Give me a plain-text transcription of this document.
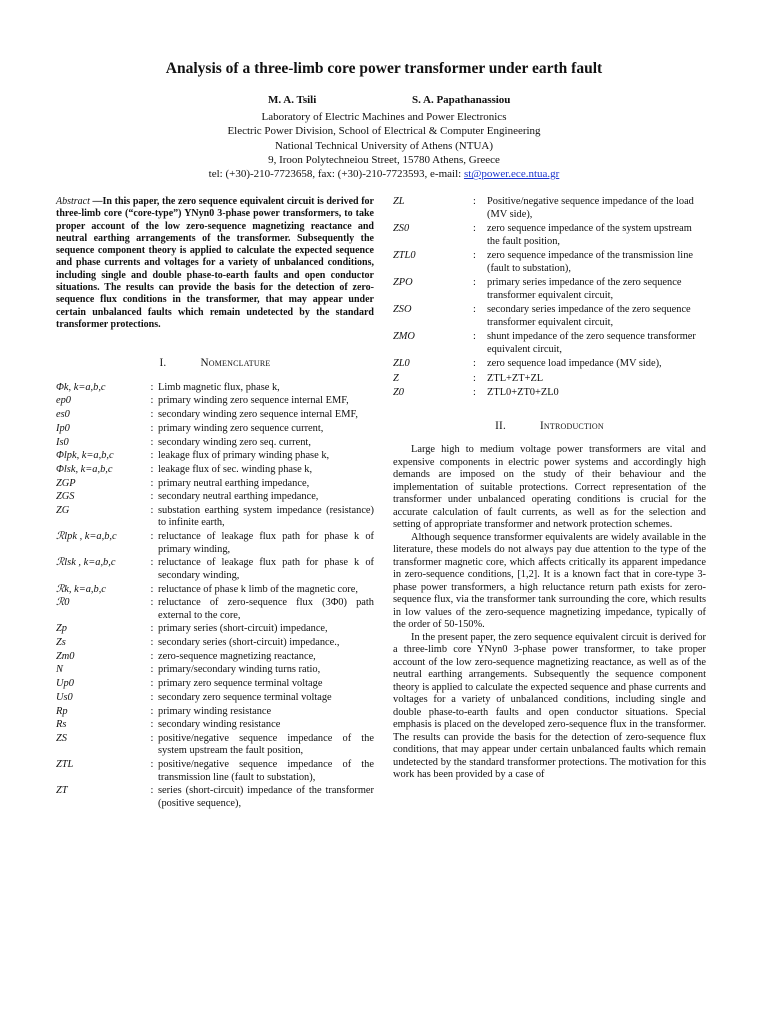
Analysis of a three-limb core power transformer under earth fault
M. A. Tsili	S. A. Papathanassiou
Laboratory of Electric Machines and Power Electronics
Electric Power Division, School of Electrical & Computer Engineering
National Technical University of Athens (NTUA)
9, Iroon Polytechneiou Street, 15780 Athens, Greece
tel: (+30)-210-7723658, fax: (+30)-210-7723593, e-mail: st@power.ece.ntua.gr
Abstract —In this paper, the zero sequence equivalent circuit is derived for three-limb core (“core-type”) YNyn0 3-phase power transformers, to take proper account of the low zero-sequence magnetizing reactance and neutral earthing arrangements of the transformer. Subsequently the sequence component theory is applied to calculate the expected sequence and phase currents and voltages for a variety of unbalanced conditions, including single and double phase-to-earth faults and open conductor situations. The results can provide the basis for the detection of zero-sequence flux conditions in the transformer, that may appear under certain unbalanced faults which remain undetected by the standard transformer protections.
I.	Nomenclature
Φk, k=a,b,c	: Limb magnetic flux, phase k,
ep0	: primary winding zero sequence internal EMF,
es0	: secondary winding zero sequence internal EMF,
Ip0	: primary winding zero sequence current,
Is0	: secondary winding zero seq. current,
Φlpk, k=a,b,c	: leakage flux of primary winding phase k,
Φlsk, k=a,b,c	: leakage flux of sec. winding phase k,
ZGP	: primary neutral earthing impedance,
ZGS	: secondary neutral earthing impedance,
ZG	: substation earthing system impedance (resistance) to infinite earth,
ℛlpk , k=a,b,c	: reluctance of leakage flux path for phase k of primary winding,
ℛlsk , k=a,b,c	: reluctance of leakage flux path for phase k of secondary winding,
ℛk, k=a,b,c	: reluctance of phase k limb of the magnetic core,
ℛ0	: reluctance of zero-sequence flux (3Φ0) path external to the core,
Zp	: primary series (short-circuit) impedance,
Zs	: secondary series (short-circuit) impedance.,
Zm0	: zero-sequence magnetizing reactance,
N	: primary/secondary winding turns ratio,
Up0	: primary zero sequence terminal voltage
Us0	: secondary zero sequence terminal voltage
Rp	: primary winding resistance
Rs	: secondary winding resistance
ZS	: positive/negative sequence impedance of the system upstream the fault position,
ZTL	: positive/negative sequence impedance of the transmission line (fault to substation),
ZT	: series (short-circuit) impedance of the transformer (positive sequence),
ZL	:	Positive/negative sequence impedance of the load (MV side),
ZS0	:	zero sequence impedance of the system upstream the fault position,
ZTL0	:	zero sequence impedance of the transmission line (fault to substation),
ZPO	:	primary series impedance of the zero sequence transformer equivalent circuit,
ZSO	:	secondary series impedance of the zero sequence transformer equivalent circuit,
ZMO	:	shunt impedance of the zero sequence transformer equivalent circuit,
ZL0	:	zero sequence load impedance (MV side),
Z	:	ZTL+ZT+ZL
Z0	:	ZTL0+ZT0+ZL0
II.	Introduction

Large high to medium voltage power transformers are vital and expensive components in electric power systems and accordingly high demands are imposed on the study of their behaviour and the implementation of suitable protections. Correct representation of the transformer under unbalanced operating conditions is crucial for the accurate calculation of fault currents, as well as for the selection and setting of appropriate transformer and network protection schemes.

Although sequence transformer equivalents are widely available in the literature, these models do not always pay due attention to the type of the transformer magnetic core, which affects critically its apparent impedance in zero-sequence conditions, [1,2]. It is a known fact that in core-type 3-phase power transformers, a high reluctance return path exists for zero-sequence flux, via the transformer tank surrounding the core, which results in low values of the zero-sequence magnetizing impedance, typically of the order of 50-150%.

In the present paper, the zero sequence equivalent circuit is derived for a three-limb core YNyn0 3-phase power transformer, to take proper account of the low zero-sequence magnetizing reactance, as well as of the neutral earthing arrangements. Subsequently the sequence component theory is applied to calculate the expected sequence and phase currents and voltages for a variety of unbalanced conditions, including single and double phase-to-earth faults and open conductor situations. Special emphasis is placed on the developed zero-sequence flux in the transformer. The results can provide the basis for the detection of zero-sequence flux conditions, that may appear under certain unbalanced faults which remain undetected by the standard transformer protections. The motivation for this work has been provided by a case of
